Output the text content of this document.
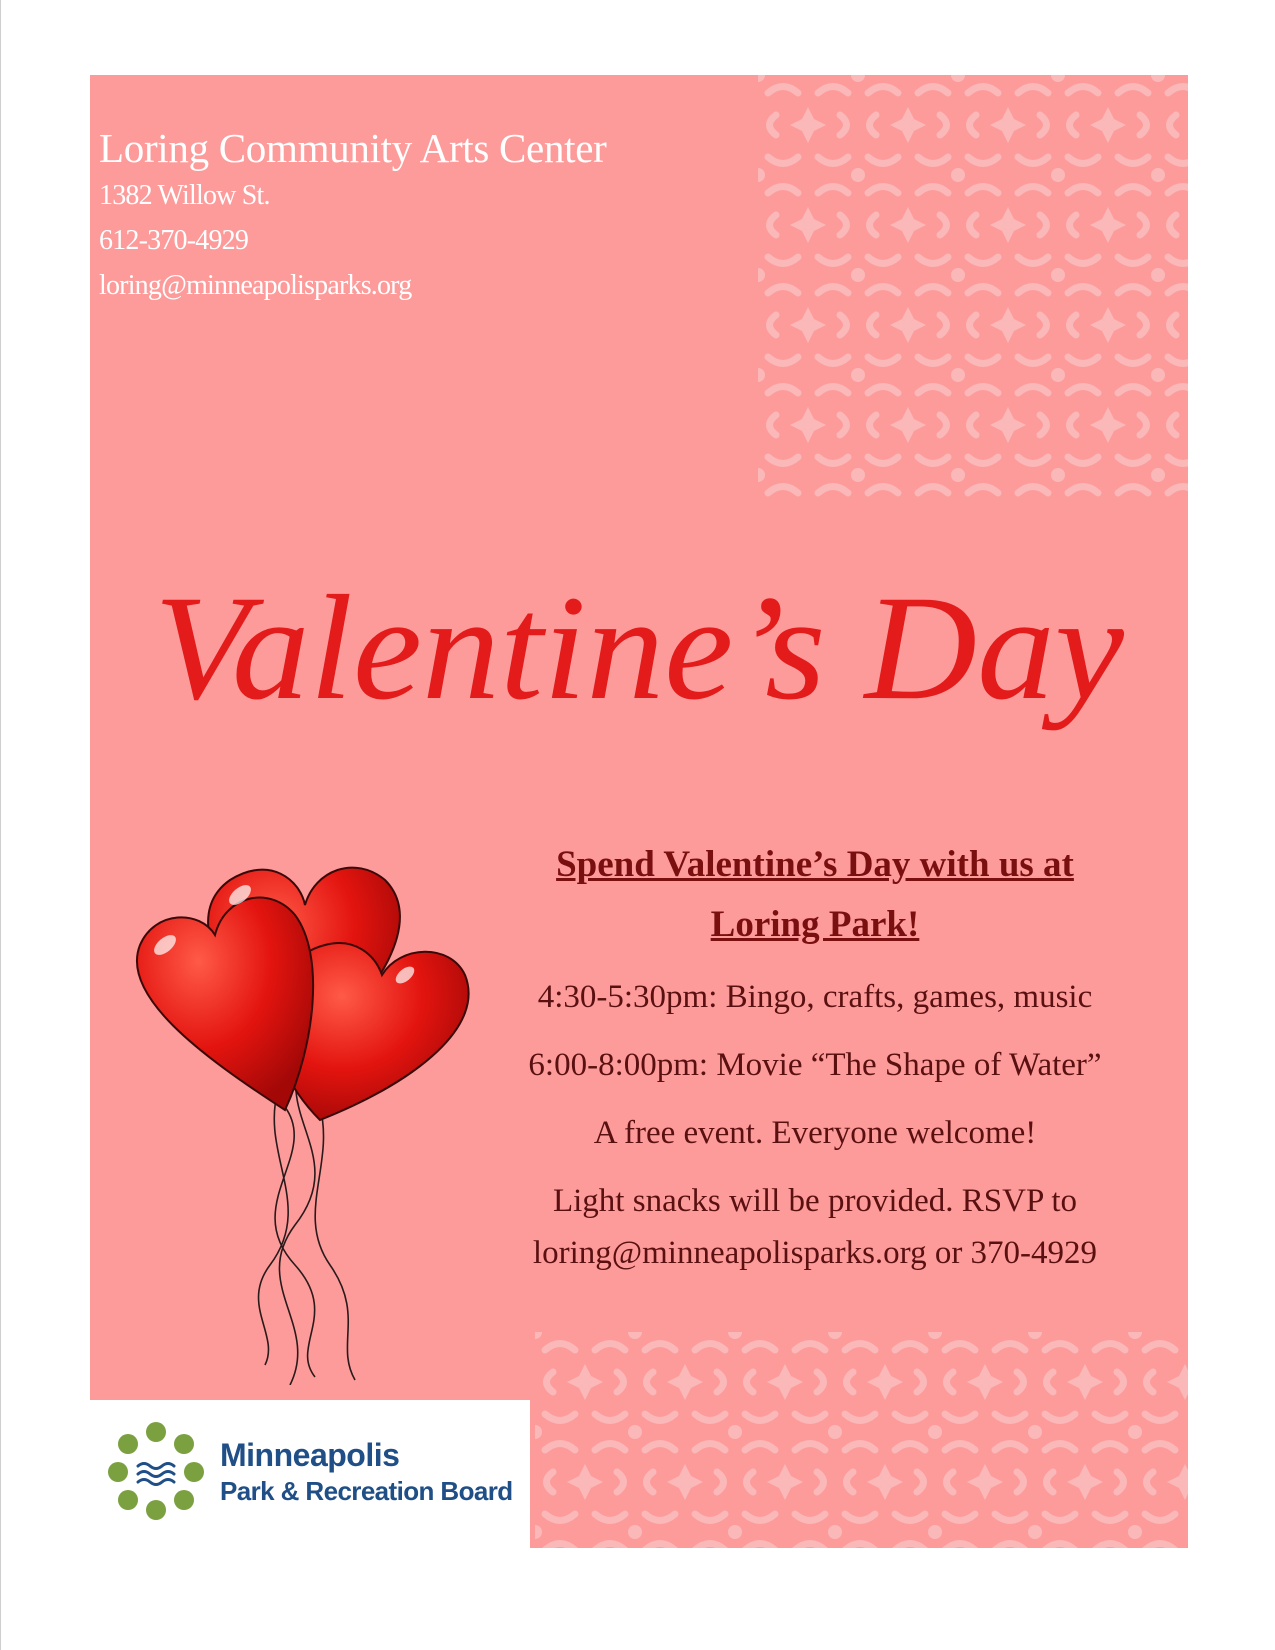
Loring Community Arts Center
1382 Willow St.
612-370-4929
loring@minneapolisparks.org
Valentine’s Day
Spend Valentine’s Day with us at
Loring Park!
4:30-5:30pm: Bingo, crafts, games, music
6:00-8:00pm: Movie “The Shape of Water”
A free event. Everyone welcome!
Light snacks will be provided. RSVP to
loring@minneapolisparks.org or 370-4929
Minneapolis
Park & Recreation Board
